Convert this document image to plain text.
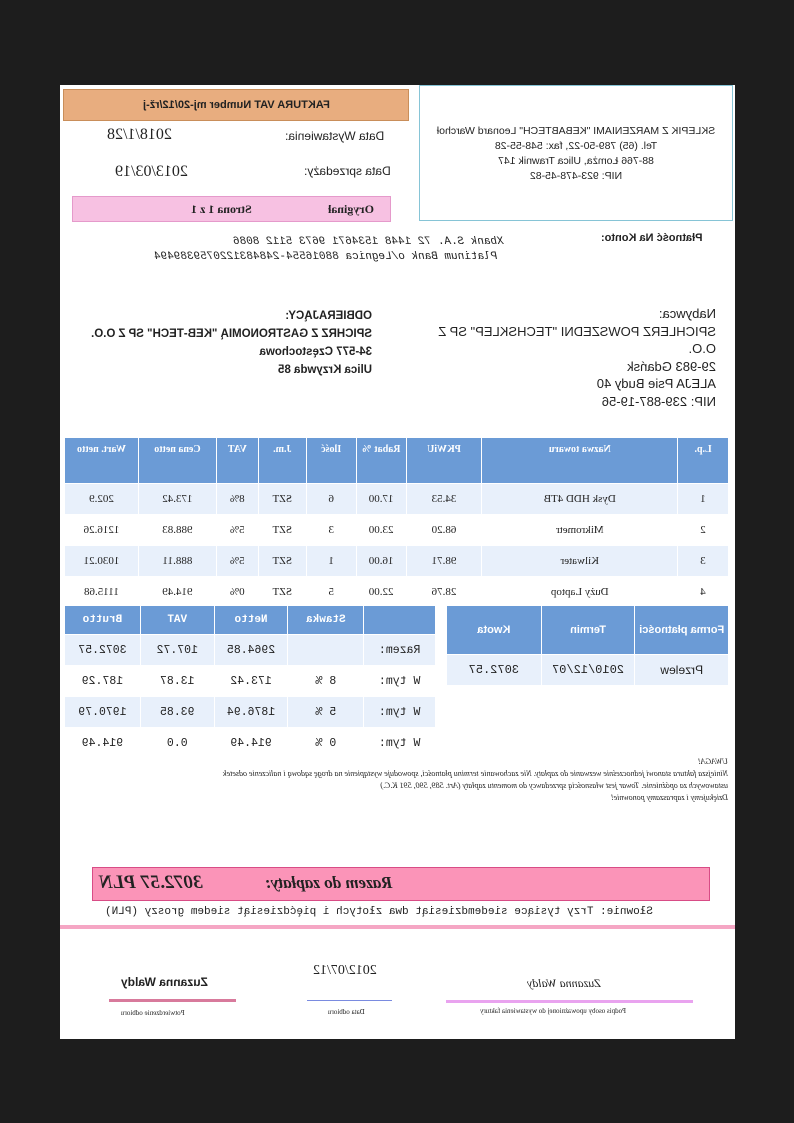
SKLEPIK Z MARZENIAMI "KEBABTECH" Leonard Warchoł
Tel. (65) 789-50-22, fax: 548-55-28
88-766 Łomża, Ulica Trawnik 147
NIP: 923-478-45-82
FAKTURA VAT Number mj-20/12/rž-j
Data Wystawienia:
2018/1/28
Data sprzedaży:
2013/03/19
Oryginał
Strona 1 z 1
Płatność Na Konto:
Xbank S.A. 72 1448 1534671 9673 5112 8086
Platinum Bank o/Legnica 88016554-2484831220759389494
ODBIERAJĄCY:
SPICHRZ Z GASTRONOMIĄ "KEB-TECH" SP Z O.O.
34-577 Częstochowa
Ulica Krzywda 85
Nabywca:
SPICHLERZ POWSZEDNI "TECHSKLEP" SP Z
O.O.
29-983 Gdańsk
ALEJA Psie Budy 40
NIP: 239-887-19-56
L.p.	Nazwa towaru	PKWiU	Rabat %	Ilość	J.m.	VAT	Cena netto	Wart. netto
1	Dysk HDD 4TB	34.53	17.00	6	SZT	8%	173.42	202.9
2	Mikrometr	68.20	23.00	3	SZT	5%	988.83	1216.26
3	Kilwater	98.71	16.00	1	SZT	5%	888.11	1030.21
4	Duży Laptop	28.76	22.00	5	SZT	0%	914.49	1115.68
	Stawka	Netto	VAT	Brutto
Razem:		2964.85	107.72	3072.57
W tym:	8 %	173.42	13.87	187.29
W tym:	5 %	1876.94	93.85	1970.79
W tym:	0 %	914.49	0.0	914.49
Forma płatności	Termin	Kwota
Przelew	2010/12/07	3072.57
UWAGA!
Niniejsza faktura stanowi jednocześnie wezwanie do zapłaty. Nie zachowanie terminu płatności, spowoduje wystąpienie na drogę sądową i naliczenie odsetek
ustawowych za opóźnienie. Towar jest własnością sprzedawcy do momentu zapłaty (Art. 589, 590, 591 K.C.)
Dziękujemy i zapraszamy ponownie!
Razem do zapłaty:
3072.57 PLN
Słownie: Trzy tysiące siedemdziesiąt dwa złotych i pięćdziesiąt siedem groszy (PLN)
Zuzanna Waldy
Podpis osoby upoważnionej do wystawienia faktury
2012/07/12
Data odbioru
Zuzanna Waldy
Potwierdzenie odbioru
